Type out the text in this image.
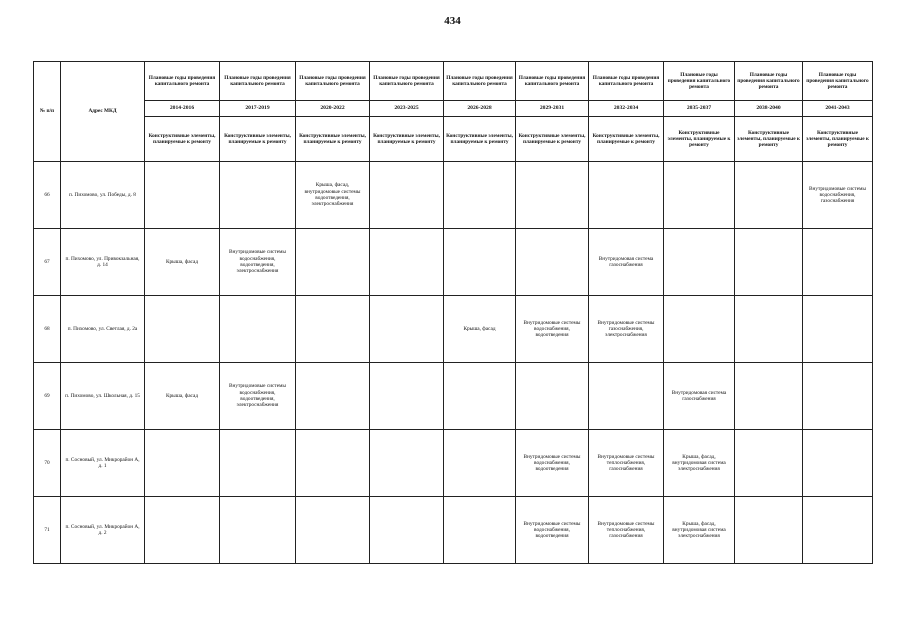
434
№ п/п	Адрес МКД	Плановые годы проведения капитального ремонта	Плановые годы проведения капитального ремонта	Плановые годы проведения капитального ремонта	Плановые годы проведения капитального ремонта	Плановые годы проведения капитального ремонта	Плановые годы проведения капитального ремонта	Плановые годы проведения капитального ремонта	Плановые годы проведения капитального ремонта	Плановые годы проведения капитального ремонта	Плановые годы проведения капитального ремонта
		2014-2016	2017-2019	2020-2022	2023-2025	2026-2028	2029-2031	2032-2034	2035-2037	2038-2040	2041-2043
		Конструктивные элементы, планируемые к ремонту	Конструктивные элементы, планируемые к ремонту	Конструктивные элементы, планируемые к ремонту	Конструктивные элементы, планируемые к ремонту	Конструктивные элементы, планируемые к ремонту	Конструктивные элементы, планируемые к ремонту	Конструктивные элементы, планируемые к ремонту	Конструктивные элементы, планируемые к ремонту	Конструктивные элементы, планируемые к ремонту	Конструктивные элементы, планируемые к ремонту
66	п. Пихомово, ул. Победы, д. 8			Крыша, фасад, внутридомовые системы водоотведения, электроснабжения							Внутридомовые системы водоснабжения, газоснабжения
67	п. Пихомово, ул. Привокзальная, д. 14	Крыша, фасад	Внутридомовые системы водоснабжения, водоотведения, электроснабжения					Внутридомовая система газоснабжения			
68	п. Пихомово, ул. Светлая, д. 2а					Крыша, фасад	Внутридомовые системы водоснабжения, водоотведения	Внутридомовые системы газоснабжения, электроснабжения			
69	п. Пихомово, ул. Школьная, д. 15	Крыша, фасад	Внутридомовые системы водоснабжения, водоотведения, электроснабжения						Внутридомовая система газоснабжения		
70	п. Сосновый, ул. Микрорайон А, д. 1						Внутридомовые системы водоснабжения, водоотведения	Внутридомовые системы теплоснабжения, газоснабжения	Крыша, фасад, внутридомовая система электроснабжения		
71	п. Сосновый, ул. Микрорайон А, д. 2						Внутридомовые системы водоснабжения, водоотведения	Внутридомовые системы теплоснабжения, газоснабжения	Крыша, фасад, внутридомовая система электроснабжения		
